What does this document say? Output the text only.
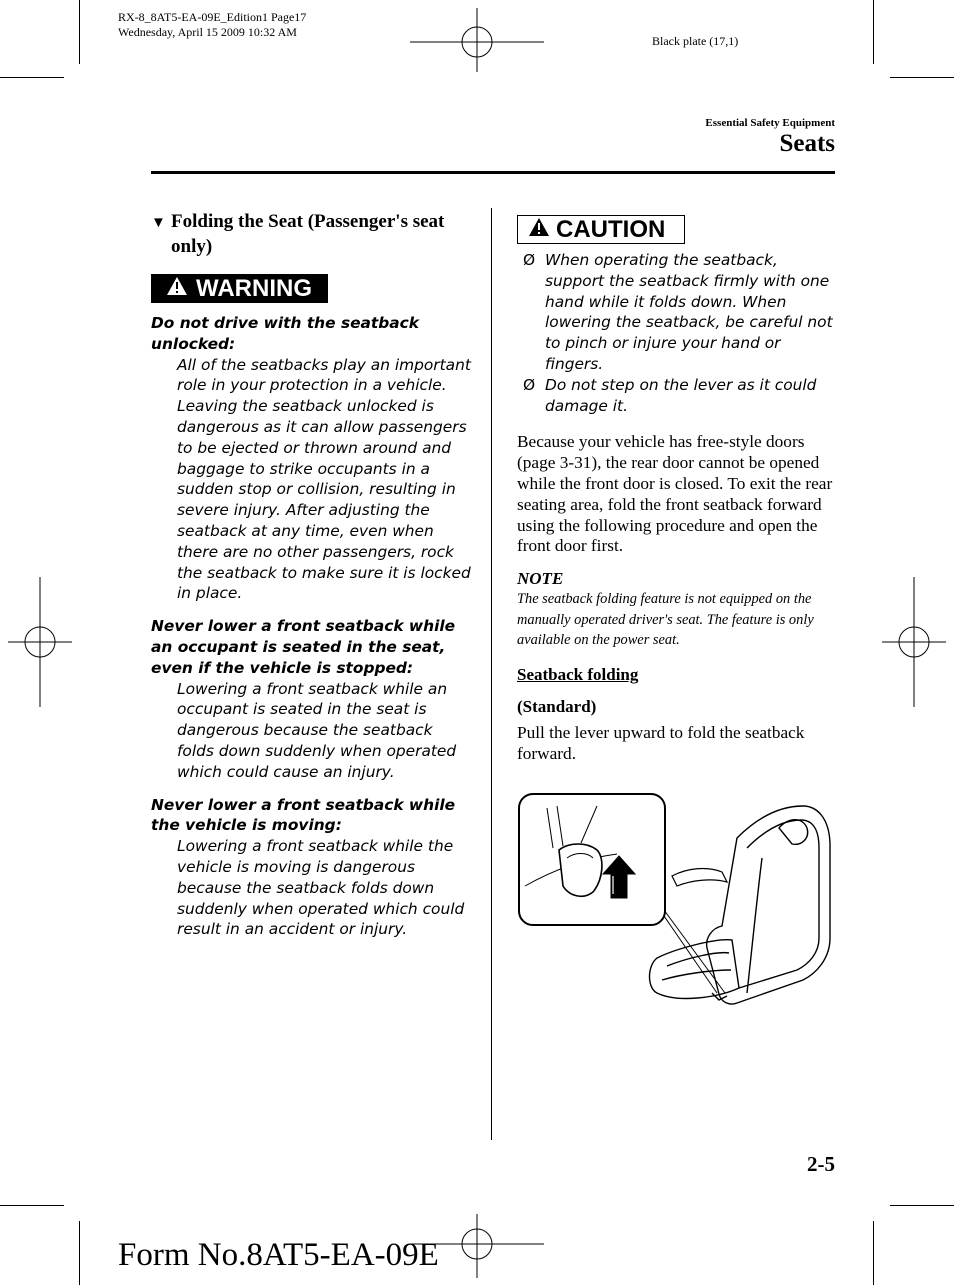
RX-8_8AT5-EA-09E_Edition1 Page17
Wednesday, April 15 2009 10:32 AM
Black plate (17,1)
Essential Safety Equipment
Seats
▼ Folding the Seat (Passenger's seat only)
WARNING
Do not drive with the seatback unlocked:
All of the seatbacks play an important role in your protection in a vehicle. Leaving the seatback unlocked is dangerous as it can allow passengers to be ejected or thrown around and baggage to strike occupants in a sudden stop or collision, resulting in severe injury. After adjusting the seatback at any time, even when there are no other passengers, rock the seatback to make sure it is locked in place.
Never lower a front seatback while an occupant is seated in the seat, even if the vehicle is stopped:
Lowering a front seatback while an occupant is seated in the seat is dangerous because the seatback folds down suddenly when operated which could cause an injury.
Never lower a front seatback while the vehicle is moving:
Lowering a front seatback while the vehicle is moving is dangerous because the seatback folds down suddenly when operated which could result in an accident or injury.
CAUTION
Ø When operating the seatback, support the seatback firmly with one hand while it folds down. When lowering the seatback, be careful not to pinch or injure your hand or fingers.
Ø Do not step on the lever as it could damage it.
Because your vehicle has free-style doors (page 3-31), the rear door cannot be opened while the front door is closed. To exit the rear seating area, fold the front seatback forward using the following procedure and open the front door first.
NOTE
The seatback folding feature is not equipped on the manually operated driver's seat. The feature is only available on the power seat.
Seatback folding
(Standard)
Pull the lever upward to fold the seatback forward.
2-5
Form No.8AT5-EA-09E
